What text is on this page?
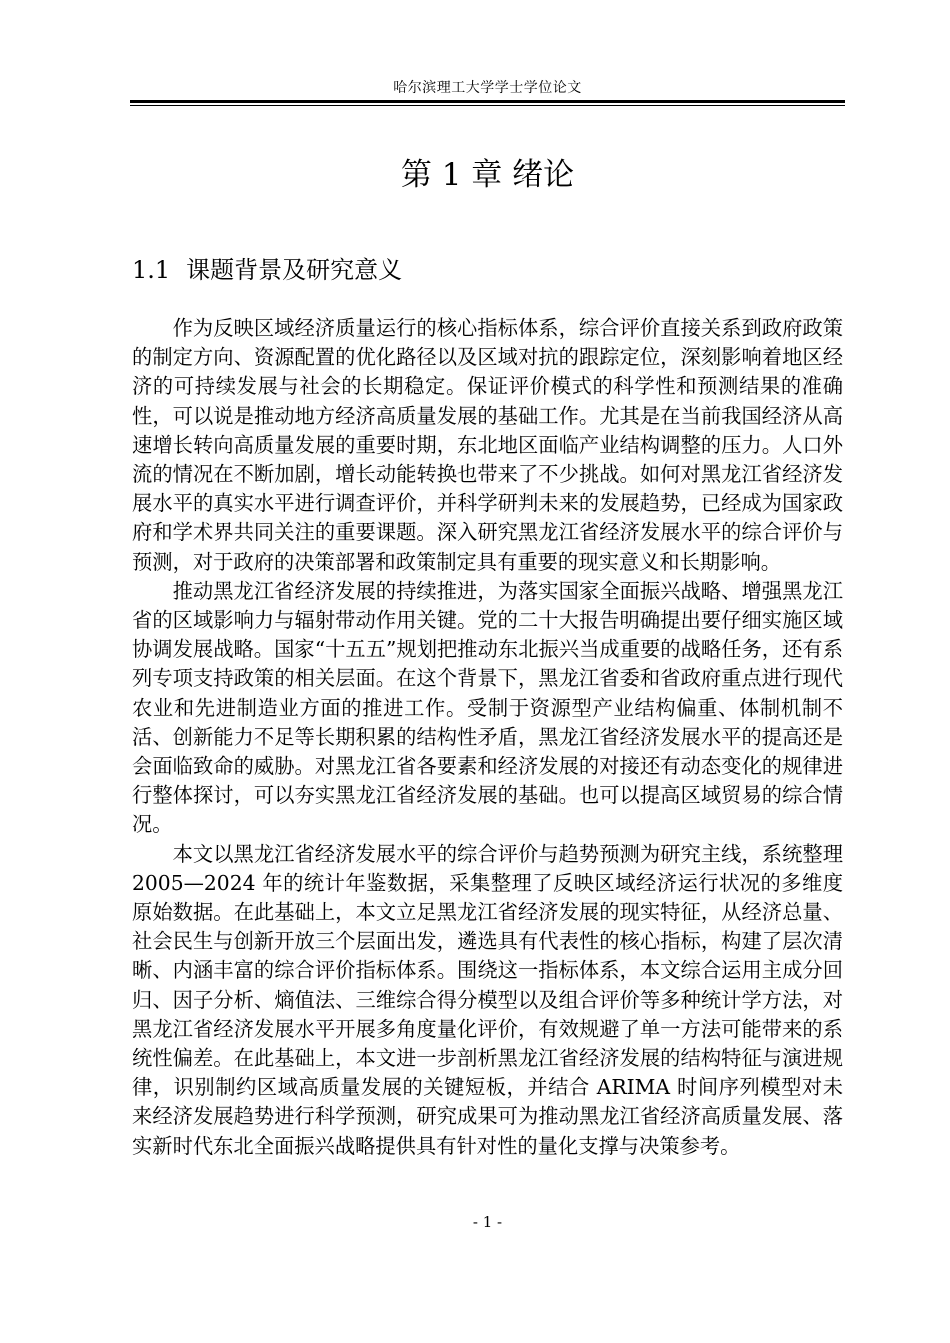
哈尔滨理工大学学士学位论文
第 1 章 绪论
1.1 课题背景及研究意义

作为反映区域经济质量运行的核心指标体系，综合评价直接关系到政府政策的制定方向、资源配置的优化路径以及区域对抗的跟踪定位，深刻影响着地区经济的可持续发展与社会的长期稳定。保证评价模式的科学性和预测结果的准确性，可以说是推动地方经济高质量发展的基础工作。尤其是在当前我国经济从高速增长转向高质量发展的重要时期，东北地区面临产业结构调整的压力。人口外流的情况在不断加剧，增长动能转换也带来了不少挑战。如何对黑龙江省经济发展水平的真实水平进行调查评价，并科学研判未来的发展趋势，已经成为国家政府和学术界共同关注的重要课题。深入研究黑龙江省经济发展水平的综合评价与预测，对于政府的决策部署和政策制定具有重要的现实意义和长期影响。

推动黑龙江省经济发展的持续推进，为落实国家全面振兴战略、增强黑龙江省的区域影响力与辐射带动作用关键。党的二十大报告明确提出要仔细实施区域协调发展战略。国家“十五五”规划把推动东北振兴当成重要的战略任务，还有系列专项支持政策的相关层面。在这个背景下，黑龙江省委和省政府重点进行现代农业和先进制造业方面的推进工作。受制于资源型产业结构偏重、体制机制不活、创新能力不足等长期积累的结构性矛盾，黑龙江省经济发展水平的提高还是会面临致命的威胁。对黑龙江省各要素和经济发展的对接还有动态变化的规律进行整体探讨，可以夯实黑龙江省经济发展的基础。也可以提高区域贸易的综合情况。

本文以黑龙江省经济发展水平的综合评价与趋势预测为研究主线，系统整理 2005—2024 年的统计年鉴数据，采集整理了反映区域经济运行状况的多维度原始数据。在此基础上，本文立足黑龙江省经济发展的现实特征，从经济总量、社会民生与创新开放三个层面出发，遴选具有代表性的核心指标，构建了层次清晰、内涵丰富的综合评价指标体系。围绕这一指标体系，本文综合运用主成分回归、因子分析、熵值法、三维综合得分模型以及组合评价等多种统计学方法，对黑龙江省经济发展水平开展多角度量化评价，有效规避了单一方法可能带来的系统性偏差。在此基础上，本文进一步剖析黑龙江省经济发展的结构特征与演进规律，识别制约区域高质量发展的关键短板，并结合 ARIMA 时间序列模型对未来经济发展趋势进行科学预测，研究成果可为推动黑龙江省经济高质量发展、落实新时代东北全面振兴战略提供具有针对性的量化支撑与决策参考。

- 1 -
